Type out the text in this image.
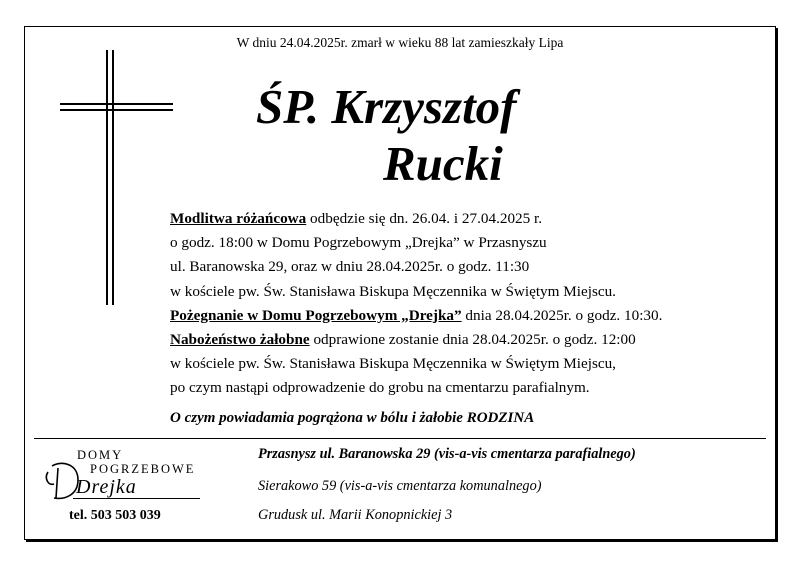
W dniu 24.04.2025r. zmarł w wieku 88 lat zamieszkały Lipa
ŚP. Krzysztof
Rucki
Modlitwa różańcowa odbędzie się dn. 26.04. i 27.04.2025 r.
o godz. 18:00 w Domu Pogrzebowym „Drejka” w Przasnyszu
ul. Baranowska 29, oraz w dniu 28.04.2025r. o godz. 11:30
w kościele pw. Św. Stanisława Biskupa Męczennika w Świętym Miejscu.
Pożegnanie w Domu Pogrzebowym „Drejka” dnia 28.04.2025r. o godz. 10:30.
Nabożeństwo żałobne odprawione zostanie dnia 28.04.2025r. o godz. 12:00
w kościele pw. Św. Stanisława Biskupa Męczennika w Świętym Miejscu,
po czym nastąpi odprowadzenie do grobu na cmentarzu parafialnym.
O czym powiadamia pogrążona w bólu i żałobie RODZINA
DOMY
POGRZEBOWE
Drejka
tel. 503 503 039
Przasnysz ul. Baranowska 29 (vis-a-vis cmentarza parafialnego)
Sierakowo 59 (vis-a-vis cmentarza komunalnego)
Grudusk ul. Marii Konopnickiej 3
